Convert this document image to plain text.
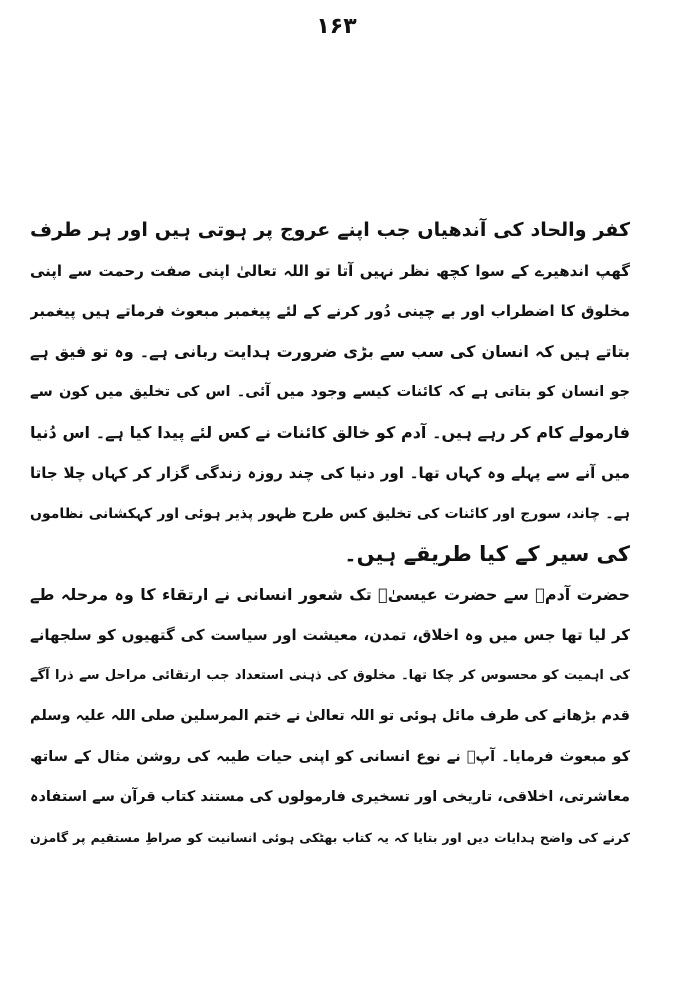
۱۶۳
کفر والحاد کی آندھیاں جب اپنے عروج پر ہوتی ہیں اور ہر طرف
گھپ اندھیرے کے سوا کچھ نظر نہیں آتا تو اللہ تعالیٰ اپنی صفت رحمت سے اپنی
مخلوق کا اضطراب اور بے چینی دُور کرنے کے لئے پیغمبر مبعوث فرماتے ہیں پیغمبر
بتاتے ہیں کہ انسان کی سب سے بڑی ضرورت ہدایت ربانی ہے۔ وہ تو فیق ہے
جو انسان کو بتاتی ہے کہ کائنات کیسے وجود میں آئی۔ اس کی تخلیق میں کون سے
فارمولے کام کر رہے ہیں۔ آدم کو خالق کائنات نے کس لئے پیدا کیا ہے۔ اس دُنیا
میں آنے سے پہلے وہ کہاں تھا۔ اور دنیا کی چند روزہ زندگی گزار کر کہاں چلا جاتا
ہے۔ چاند، سورج اور کائنات کی تخلیق کس طرح ظہور پذیر ہوئی اور کہکشانی نظاموں
کی سیر کے کیا طریقے ہیں۔
حضرت آدمؑ سے حضرت عیسیٰؑ تک شعور انسانی نے ارتقاء کا وہ مرحلہ طے
کر لیا تھا جس میں وہ اخلاق، تمدن، معیشت اور سیاست کی گتھیوں کو سلجھانے
کی اہمیت کو محسوس کر چکا تھا۔ مخلوق کی ذہنی استعداد جب ارتقائی مراحل سے ذرا آگے
قدم بڑھانے کی طرف مائل ہوئی تو اللہ تعالیٰ نے ختم المرسلین صلی اللہ علیہ وسلم
کو مبعوث فرمایا۔ آپؐ نے نوع انسانی کو اپنی حیات طیبہ کی روشن مثال کے ساتھ
معاشرتی، اخلاقی، تاریخی اور تسخیری فارمولوں کی مستند کتاب قرآن سے استفادہ
کرنے کی واضح ہدایات دیں اور بتایا کہ یہ کتاب بھٹکی ہوئی انسانیت کو صراطِ مستقیم پر گامزن
